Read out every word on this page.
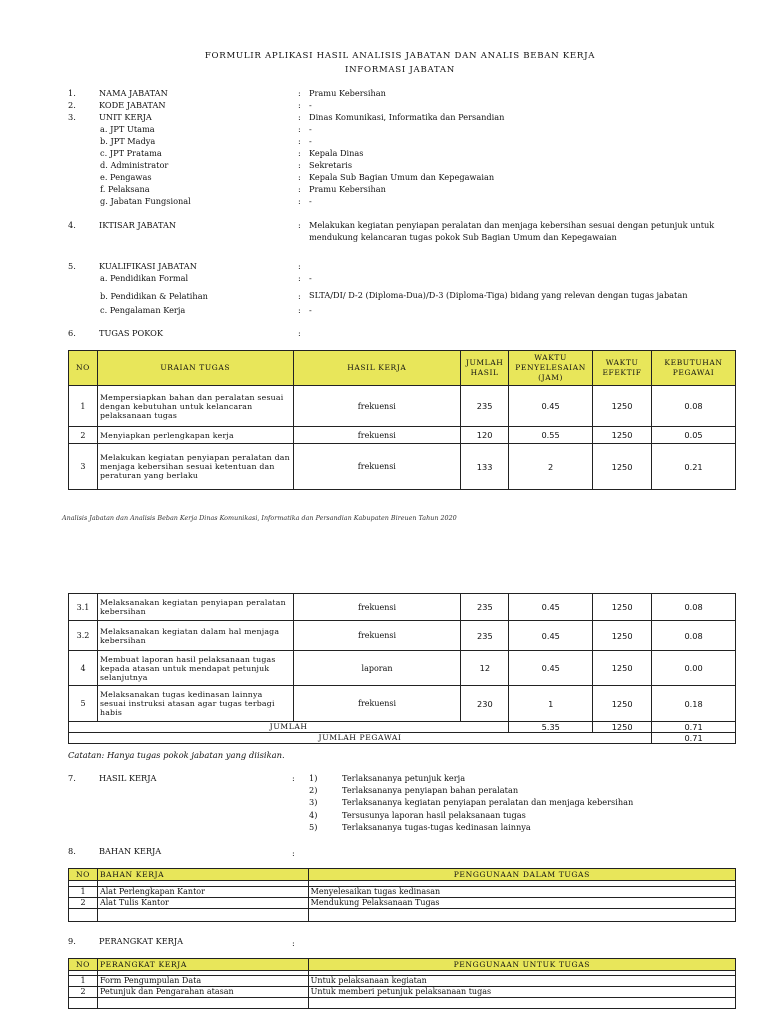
FORMULIR APLIKASI HASIL ANALISIS JABATAN DAN ANALIS BEBAN KERJA
INFORMASI JABATAN
1.	NAMA JABATAN	: Pramu Kebersihan
2.	KODE JABATAN	: -
3.	UNIT KERJA	: Dinas Komunikasi, Informatika dan Persandian
a. JPT Utama	: -
b. JPT Madya	: -
c. JPT Pratama	: Kepala Dinas
d. Administrator	: Sekretaris
e. Pengawas	: Kepala Sub Bagian Umum dan Kepegawaian
f. Pelaksana	: Pramu Kebersihan
g. Jabatan Fungsional	: -
4.	IKTISAR JABATAN	: Melakukan kegiatan penyiapan peralatan dan menjaga kebersihan sesuai dengan petunjuk untuk
mendukung kelancaran tugas pokok Sub Bagian Umum dan Kepegawaian
5.	KUALIFIKASI JABATAN	:
a. Pendidikan Formal	: -
b. Pendidikan & Pelatihan	: SLTA/DI/ D-2 (Diploma-Dua)/D-3 (Diploma-Tiga) bidang yang relevan dengan tugas jabatan
c. Pengalaman Kerja	: -
6.	TUGAS POKOK	:
NO	URAIAN TUGAS	HASIL KERJA	JUMLAH HASIL	WAKTU PENYELESAIAN (JAM)	WAKTU EFEKTIF	KEBUTUHAN PEGAWAI
1	Mempersiapkan bahan dan peralatan sesuai dengan kebutuhan untuk kelancaran pelaksanaan tugas	frekuensi	235	0.45	1250	0.08
2	Menyiapkan perlengkapan kerja	frekuensi	120	0.55	1250	0.05
3	Melakukan kegiatan penyiapan peralatan dan menjaga kebersihan sesuai ketentuan dan peraturan yang berlaku	frekuensi	133	2	1250	0.21
Analisis Jabatan dan Analisis Beban Kerja Dinas Komunikasi, Informatika dan Persandian Kabupaten Bireuen Tahun 2020
3.1	Melaksanakan kegiatan penyiapan peralatan kebersihan	frekuensi	235	0.45	1250	0.08
3.2	Melaksanakan kegiatan dalam hal menjaga kebersihan	frekuensi	235	0.45	1250	0.08
4	Membuat laporan hasil pelaksanaan tugas kepada atasan untuk mendapat petunjuk selanjutnya	laporan	12	0.45	1250	0.00
5	Melaksanakan tugas kedinasan lainnya sesuai instruksi atasan agar tugas terbagi habis	frekuensi	230	1	1250	0.18
JUMLAH				5.35	1250	0.71
JUMLAH PEGAWAI						0.71
Catatan: Hanya tugas pokok jabatan yang diisikan.
7.	HASIL KERJA	: 1)	Terlaksananya petunjuk kerja
2)	Terlaksananya penyiapan bahan peralatan
3)	Terlaksananya kegiatan penyiapan peralatan dan menjaga kebersihan
4)	Tersusunya laporan hasil pelaksanaan tugas
5)	Terlaksananya tugas-tugas kedinasan lainnya
8.	BAHAN KERJA	:
NO	BAHAN KERJA	PENGGUNAAN DALAM TUGAS

1	Alat Perlengkapan Kantor	Menyelesaikan tugas kedinasan
2	Alat Tulis Kantor	Mendukung Pelaksanaan Tugas

9.	PERANGKAT KERJA	:
NO	PERANGKAT KERJA	PENGGUNAAN UNTUK TUGAS

1	Form Pengumpulan Data	Untuk pelaksanaan kegiatan
2	Petunjuk dan Pengarahan atasan	Untuk memberi petunjuk pelaksanaan tugas
